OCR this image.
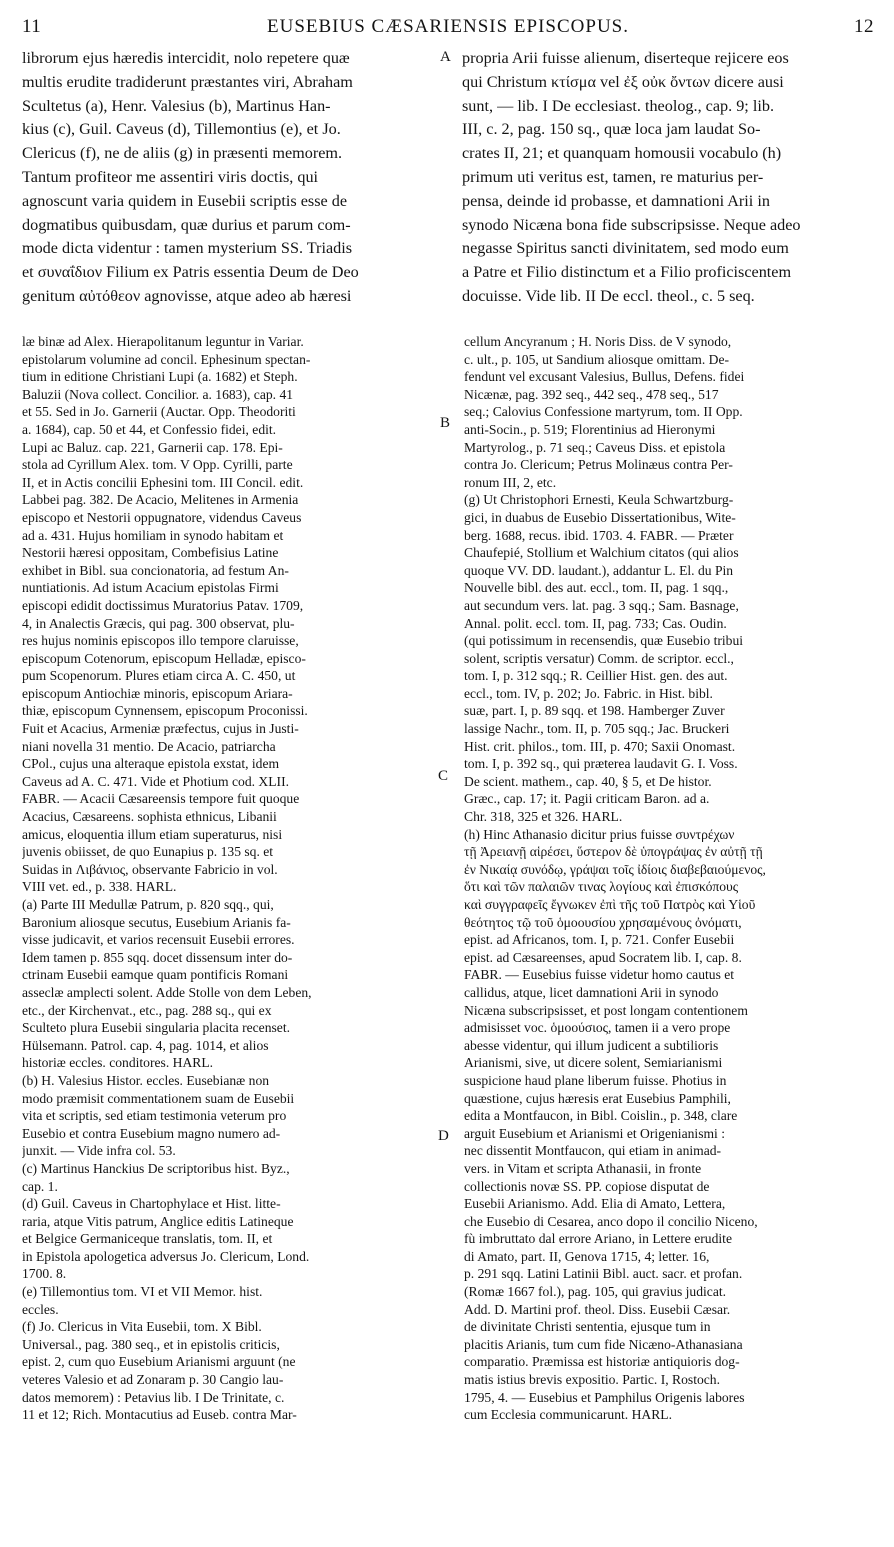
11	EUSEBIUS CÆSARIENSIS EPISCOPUS.	12
librorum ejus hæredis intercidit, nolo repetere quæ
multis erudite tradiderunt præstantes viri, Abraham
Scultetus (a), Henr. Valesius (b), Martinus Han-
kius (c), Guil. Caveus (d), Tillemontius (e), et Jo.
Clericus (f), ne de aliis (g) in præsenti memorem.
Tantum profiteor me assentiri viris doctis, qui
agnoscunt varia quidem in Eusebii scriptis esse de
dogmatibus quibusdam, quæ durius et parum com-
mode dicta videntur : tamen mysterium SS. Triadis
et συναΐδιον Filium ex Patris essentia Deum de Deo
genitum αὐτόθεον agnovisse, atque adeo ab hæresi
propria Arii fuisse alienum, diserteque rejicere eos
qui Christum κτίσμα vel ἐξ οὐκ ὄντων dicere ausi
sunt, — lib. I De ecclesiast. theolog., cap. 9; lib.
III, c. 2, pag. 150 sq., quæ loca jam laudat So-
crates II, 21; et quanquam homousii vocabulo (h)
primum uti veritus est, tamen, re maturius per-
pensa, deinde id probasse, et damnationi Arii in
synodo Nicæna bona fide subscripsisse. Neque adeo
negasse Spiritus sancti divinitatem, sed modo eum
a Patre et Filio distinctum et a Filio proficiscentem
docuisse. Vide lib. II De eccl. theol., c. 5 seq.
A
B
C
D
læ binæ ad Alex. Hierapolitanum leguntur in Variar.
epistolarum volumine ad concil. Ephesinum spectan-
tium in editione Christiani Lupi (a. 1682) et Steph.
Baluzii (Nova collect. Concilior. a. 1683), cap. 41
et 55. Sed in Jo. Garnerii (Auctar. Opp. Theodoriti
a. 1684), cap. 50 et 44, et Confessio fidei, edit.
Lupi ac Baluz. cap. 221, Garnerii cap. 178. Epi-
stola ad Cyrillum Alex. tom. V Opp. Cyrilli, parte
II, et in Actis concilii Ephesini tom. III Concil. edit.
Labbei pag. 382. De Acacio, Melitenes in Armenia
episcopo et Nestorii oppugnatore, videndus Caveus
ad a. 431. Hujus homiliam in synodo habitam et
Nestorii hæresi oppositam, Combefisius Latine
exhibet in Bibl. sua concionatoria, ad festum An-
nuntiationis. Ad istum Acacium epistolas Firmi
episcopi edidit doctissimus Muratorius Patav. 1709,
4, in Analectis Græcis, qui pag. 300 observat, plu-
res hujus nominis episcopos illo tempore claruisse,
episcopum Cotenorum, episcopum Helladæ, episco-
pum Scopenorum. Plures etiam circa A. C. 450, ut
episcopum Antiochiæ minoris, episcopum Ariara-
thiæ, episcopum Cynnensem, episcopum Proconissi.
Fuit et Acacius, Armeniæ præfectus, cujus in Justi-
niani novella 31 mentio. De Acacio, patriarcha
CPol., cujus una alteraque epistola exstat, idem
Caveus ad A. C. 471. Vide et Photium cod. XLII.
FABR. — Acacii Cæsareensis tempore fuit quoque
Acacius, Cæsareens. sophista ethnicus, Libanii
amicus, eloquentia illum etiam superaturus, nisi
juvenis obiisset, de quo Eunapius p. 135 sq. et
Suidas in Λιβάνιος, observante Fabricio in vol.
VIII vet. ed., p. 338. HARL.
(a) Parte III Medullæ Patrum, p. 820 sqq., qui,
Baronium aliosque secutus, Eusebium Arianis fa-
visse judicavit, et varios recensuit Eusebii errores.
Idem tamen p. 855 sqq. docet dissensum inter do-
ctrinam Eusebii eamque quam pontificis Romani
asseclæ amplecti solent. Adde Stolle von dem Leben,
etc., der Kirchenvat., etc., pag. 288 sq., qui ex
Sculteto plura Eusebii singularia placita recenset.
Hülsemann. Patrol. cap. 4, pag. 1014, et alios
historiæ eccles. conditores. HARL.
(b) H. Valesius Histor. eccles. Eusebianæ non
modo præmisit commentationem suam de Eusebii
vita et scriptis, sed etiam testimonia veterum pro
Eusebio et contra Eusebium magno numero ad-
junxit. — Vide infra col. 53.
(c) Martinus Hanckius De scriptoribus hist. Byz.,
cap. 1.
(d) Guil. Caveus in Chartophylace et Hist. litte-
raria, atque Vitis patrum, Anglice editis Latineque
et Belgice Germaniceque translatis, tom. II, et
in Epistola apologetica adversus Jo. Clericum, Lond.
1700. 8.
(e) Tillemontius tom. VI et VII Memor. hist.
eccles.
(f) Jo. Clericus in Vita Eusebii, tom. X Bibl.
Universal., pag. 380 seq., et in epistolis criticis,
epist. 2, cum quo Eusebium Arianismi arguunt (ne
veteres Valesio et ad Zonaram p. 30 Cangio lau-
datos memorem) : Petavius lib. I De Trinitate, c.
11 et 12; Rich. Montacutius ad Euseb. contra Mar-
cellum Ancyranum ; H. Noris Diss. de V synodo,
c. ult., p. 105, ut Sandium aliosque omittam. De-
fendunt vel excusant Valesius, Bullus, Defens. fidei
Nicænæ, pag. 392 seq., 442 seq., 478 seq., 517
seq.; Calovius Confessione martyrum, tom. II Opp.
anti-Socin., p. 519; Florentinius ad Hieronymi
Martyrolog., p. 71 seq.; Caveus Diss. et epistola
contra Jo. Clericum; Petrus Molinæus contra Per-
ronum III, 2, etc.
(g) Ut Christophori Ernesti, Keula Schwartzburg-
gici, in duabus de Eusebio Dissertationibus, Wite-
berg. 1688, recus. ibid. 1703. 4. FABR. — Præter
Chaufepié, Stollium et Walchium citatos (qui alios
quoque VV. DD. laudant.), addantur L. El. du Pin
Nouvelle bibl. des aut. eccl., tom. II, pag. 1 sqq.,
aut secundum vers. lat. pag. 3 sqq.; Sam. Basnage,
Annal. polit. eccl. tom. II, pag. 733; Cas. Oudin.
(qui potissimum in recensendis, quæ Eusebio tribui
solent, scriptis versatur) Comm. de scriptor. eccl.,
tom. I, p. 312 sqq.; R. Ceillier Hist. gen. des aut.
eccl., tom. IV, p. 202; Jo. Fabric. in Hist. bibl.
suæ, part. I, p. 89 sqq. et 198. Hamberger Zuver
lassige Nachr., tom. II, p. 705 sqq.; Jac. Bruckeri
Hist. crit. philos., tom. III, p. 470; Saxii Onomast.
tom. I, p. 392 sq., qui præterea laudavit G. I. Voss.
De scient. mathem., cap. 40, § 5, et De histor.
Græc., cap. 17; it. Pagii criticam Baron. ad a.
Chr. 318, 325 et 326. HARL.
(h) Hinc Athanasio dicitur prius fuisse συντρέχων
τῇ Ἀρειανῇ αἱρέσει, ὕστερον δὲ ὑπογράψας ἐν αὐτῇ τῇ
ἐν Νικαίᾳ συνόδῳ, γράψαι τοῖς ἰδίοις διαβεβαιούμενος,
ὅτι καὶ τῶν παλαιῶν τινας λογίους καὶ ἐπισκόπους
καὶ συγγραφεῖς ἔγνωκεν ἐπὶ τῆς τοῦ Πατρὸς καὶ Υἱοῦ
θεότητος τῷ τοῦ ὁμοουσίου χρησαμένους ὀνόματι,
epist. ad Africanos, tom. I, p. 721. Confer Eusebii
epist. ad Cæsareenses, apud Socratem lib. I, cap. 8.
FABR. — Eusebius fuisse videtur homo cautus et
callidus, atque, licet damnationi Arii in synodo
Nicæna subscripsisset, et post longam contentionem
admisisset voc. ὁμοούσιος, tamen ii a vero prope
abesse videntur, qui illum judicent a subtilioris
Arianismi, sive, ut dicere solent, Semiarianismi
suspicione haud plane liberum fuisse. Photius in
quæstione, cujus hæresis erat Eusebius Pamphili,
edita a Montfaucon, in Bibl. Coislin., p. 348, clare
arguit Eusebium et Arianismi et Origenianismi :
nec dissentit Montfaucon, qui etiam in animad-
vers. in Vitam et scripta Athanasii, in fronte
collectionis novæ SS. PP. copiose disputat de
Eusebii Arianismo. Add. Elia di Amato, Lettera,
che Eusebio di Cesarea, anco dopo il concilio Niceno,
fù imbruttato dal errore Ariano, in Lettere erudite
di Amato, part. II, Genova 1715, 4; letter. 16,
p. 291 sqq. Latini Latinii Bibl. auct. sacr. et profan.
(Romæ 1667 fol.), pag. 105, qui gravius judicat.
Add. D. Martini prof. theol. Diss. Eusebii Cæsar.
de divinitate Christi sententia, ejusque tum in
placitis Arianis, tum cum fide Nicæno-Athanasiana
comparatio. Præmissa est historiæ antiquioris dog-
matis istius brevis expositio. Partic. I, Rostoch.
1795, 4. — Eusebius et Pamphilus Origenis labores
cum Ecclesia communicarunt. HARL.
